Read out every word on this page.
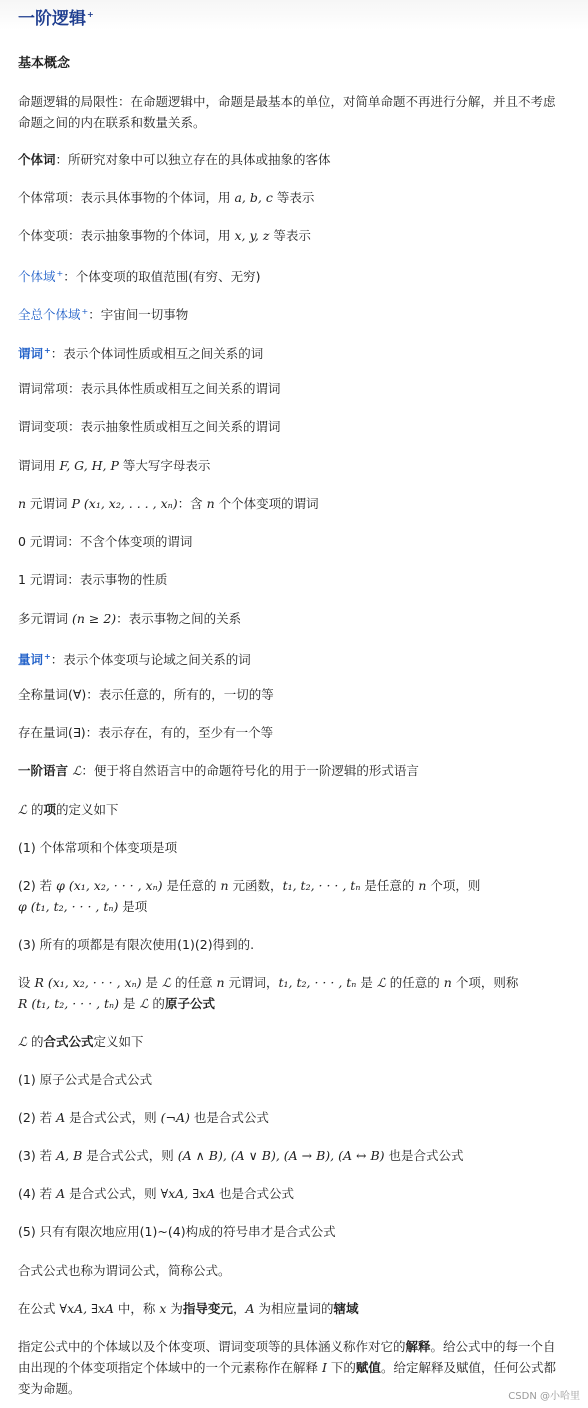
一阶逻辑+
基本概念
命题逻辑的局限性：在命题逻辑中，命题是最基本的单位，对简单命题不再进行分解，并且不考虑
命题之间的内在联系和数量关系。
个体词：所研究对象中可以独立存在的具体或抽象的客体
个体常项：表示具体事物的个体词，用 a, b, c 等表示
个体变项：表示抽象事物的个体词，用 x, y, z 等表示
个体域+：个体变项的取值范围(有穷、无穷)
全总个体域+：宇宙间一切事物
谓词+：表示个体词性质或相互之间关系的词
谓词常项：表示具体性质或相互之间关系的谓词
谓词变项：表示抽象性质或相互之间关系的谓词
谓词用 F, G, H, P 等大写字母表示
n 元谓词 P (x₁, x₂, . . . , xₙ)：含 n 个个体变项的谓词
0 元谓词：不含个体变项的谓词
1 元谓词：表示事物的性质
多元谓词 (n ≥ 2)：表示事物之间的关系
量词+：表示个体变项与论域之间关系的词
全称量词(∀)：表示任意的，所有的，一切的等
存在量词(∃)：表示存在，有的，至少有一个等
一阶语言 ℒ：便于将自然语言中的命题符号化的用于一阶逻辑的形式语言
ℒ 的项的定义如下
(1) 个体常项和个体变项是项
(2) 若 φ (x₁, x₂, · · · , xₙ) 是任意的 n 元函数，t₁, t₂, · · · , tₙ 是任意的 n 个项，则
φ (t₁, t₂, · · · , tₙ) 是项
(3) 所有的项都是有限次使用(1)(2)得到的.
设 R (x₁, x₂, · · · , xₙ) 是 ℒ 的任意 n 元谓词，t₁, t₂, · · · , tₙ 是 ℒ 的任意的 n 个项，则称
R (t₁, t₂, · · · , tₙ) 是 ℒ 的原子公式
ℒ 的合式公式定义如下
(1) 原子公式是合式公式
(2) 若 A 是合式公式，则 (¬A) 也是合式公式
(3) 若 A, B 是合式公式，则 (A ∧ B), (A ∨ B), (A → B), (A ↔ B) 也是合式公式
(4) 若 A 是合式公式，则 ∀xA, ∃xA 也是合式公式
(5) 只有有限次地应用(1)~(4)构成的符号串才是合式公式
合式公式也称为谓词公式，简称公式。
在公式 ∀xA, ∃xA 中，称 x 为指导变元，A 为相应量词的辖域
指定公式中的个体域以及个体变项、谓词变项等的具体涵义称作对它的解释。给公式中的每一个自
由出现的个体变项指定个体域中的一个元素称作在解释 I 下的赋值。给定解释及赋值，任何公式都
变为命题。
CSDN @小哈里
